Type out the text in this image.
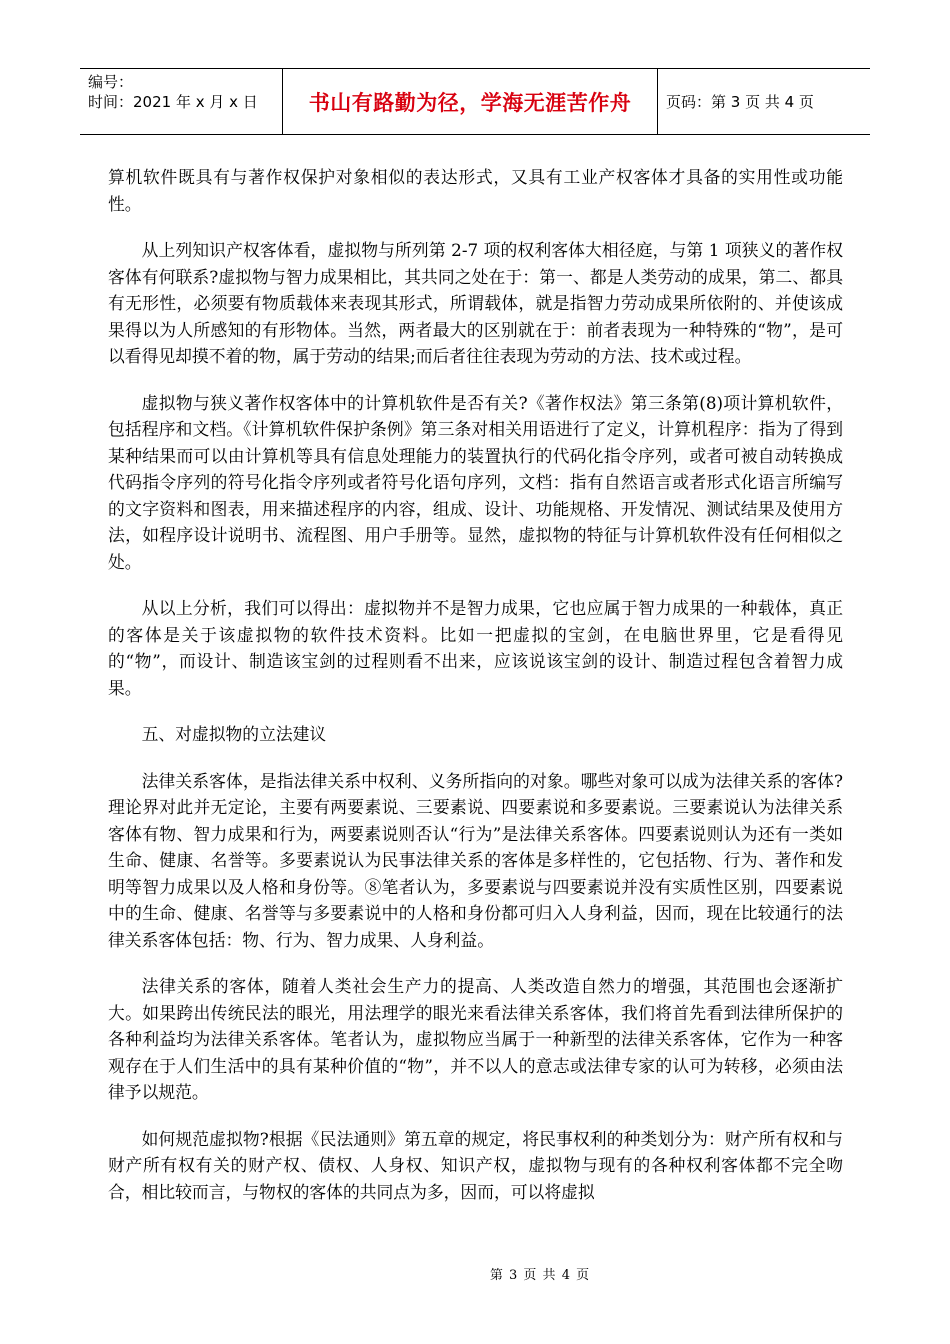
编号：
时间：2021 年 x 月 x 日	书山有路勤为径，学海无涯苦作舟	页码：第 3 页 共 4 页

算机软件既具有与著作权保护对象相似的表达形式，又具有工业产权客体才具备的实用性或功能性。

从上列知识产权客体看，虚拟物与所列第 2-7 项的权利客体大相径庭，与第 1 项狭义的著作权客体有何联系?虚拟物与智力成果相比，其共同之处在于：第一、都是人类劳动的成果，第二、都具有无形性，必须要有物质载体来表现其形式，所谓载体，就是指智力劳动成果所依附的、并使该成果得以为人所感知的有形物体。当然，两者最大的区别就在于：前者表现为一种特殊的“物”，是可以看得见却摸不着的物，属于劳动的结果;而后者往往表现为劳动的方法、技术或过程。

虚拟物与狭义著作权客体中的计算机软件是否有关?《著作权法》第三条第(8)项计算机软件，包括程序和文档。《计算机软件保护条例》第三条对相关用语进行了定义，计算机程序：指为了得到某种结果而可以由计算机等具有信息处理能力的装置执行的代码化指令序列，或者可被自动转换成代码指令序列的符号化指令序列或者符号化语句序列，文档：指有自然语言或者形式化语言所编写的文字资料和图表，用来描述程序的内容，组成、设计、功能规格、开发情况、测试结果及使用方法，如程序设计说明书、流程图、用户手册等。显然，虚拟物的特征与计算机软件没有任何相似之处。

从以上分析，我们可以得出：虚拟物并不是智力成果，它也应属于智力成果的一种载体，真正的客体是关于该虚拟物的软件技术资料。比如一把虚拟的宝剑，在电脑世界里，它是看得见的“物”，而设计、制造该宝剑的过程则看不出来，应该说该宝剑的设计、制造过程包含着智力成果。

五、对虚拟物的立法建议

法律关系客体，是指法律关系中权利、义务所指向的对象。哪些对象可以成为法律关系的客体?理论界对此并无定论，主要有两要素说、三要素说、四要素说和多要素说。三要素说认为法律关系客体有物、智力成果和行为，两要素说则否认“行为”是法律关系客体。四要素说则认为还有一类如生命、健康、名誉等。多要素说认为民事法律关系的客体是多样性的，它包括物、行为、著作和发明等智力成果以及人格和身份等。⑧笔者认为，多要素说与四要素说并没有实质性区别，四要素说中的生命、健康、名誉等与多要素说中的人格和身份都可归入人身利益，因而，现在比较通行的法律关系客体包括：物、行为、智力成果、人身利益。

法律关系的客体，随着人类社会生产力的提高、人类改造自然力的增强，其范围也会逐渐扩大。如果跨出传统民法的眼光，用法理学的眼光来看法律关系客体，我们将首先看到法律所保护的各种利益均为法律关系客体。笔者认为，虚拟物应当属于一种新型的法律关系客体，它作为一种客观存在于人们生活中的具有某种价值的“物”，并不以人的意志或法律专家的认可为转移，必须由法律予以规范。

如何规范虚拟物?根据《民法通则》第五章的规定，将民事权利的种类划分为：财产所有权和与财产所有权有关的财产权、债权、人身权、知识产权，虚拟物与现有的各种权利客体都不完全吻合，相比较而言，与物权的客体的共同点为多，因而，可以将虚拟

第 3 页 共 4 页
